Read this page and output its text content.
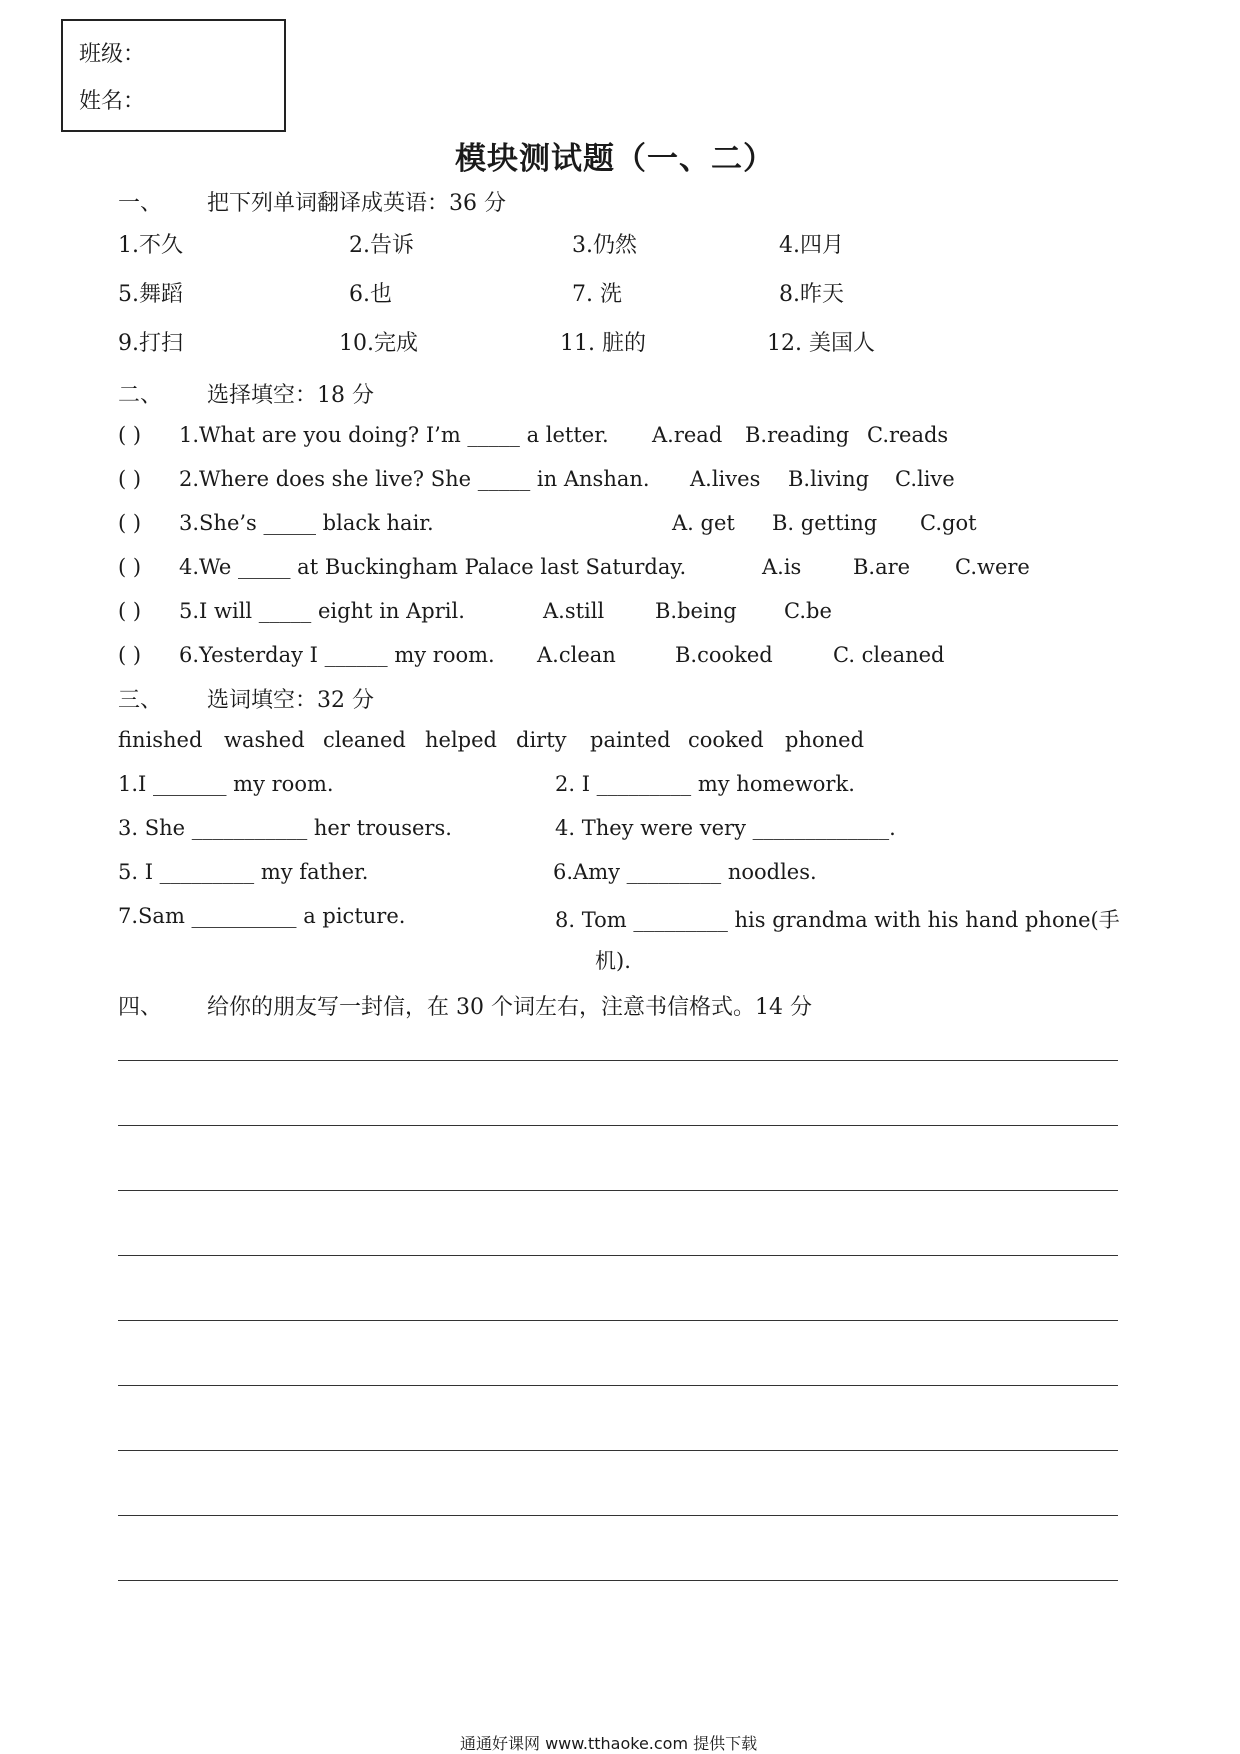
班级：
姓名：
模块测试题（一、二）
一、 把下列单词翻译成英语：36 分
1.不久	2.告诉	3.仍然	4.四月
5.舞蹈	6.也	7. 洗	8.昨天
9.打扫	10.完成	11. 脏的	12. 美国人
二、 选择填空：18 分
( ) 1.What are you doing? I’m _____ a letter. A.read B.reading C.reads
( ) 2.Where does she live? She _____ in Anshan. A.lives B.living C.live
( ) 3.She’s _____ black hair.	A. get B. getting C.got
( ) 4.We _____ at Buckingham Palace last Saturday.	A.is B.are C.were
( ) 5.I will _____ eight in April.	A.still B.being C.be
( ) 6.Yesterday I ______ my room. A.clean	B.cooked	C. cleaned
三、 选词填空：32 分
finished washed cleaned helped dirty painted cooked phoned
1.I _______ my room.	2. I _________ my homework.
3. She ___________ her trousers.	4. They were very _____________.
5. I _________ my father.	6.Amy _________ noodles.
7.Sam __________ a picture.	8. Tom _________ his grandma with his hand phone(手
机).
四、 给你的朋友写一封信，在 30 个词左右，注意书信格式。14 分
通通好课网 www.tthaoke.com 提供下载
